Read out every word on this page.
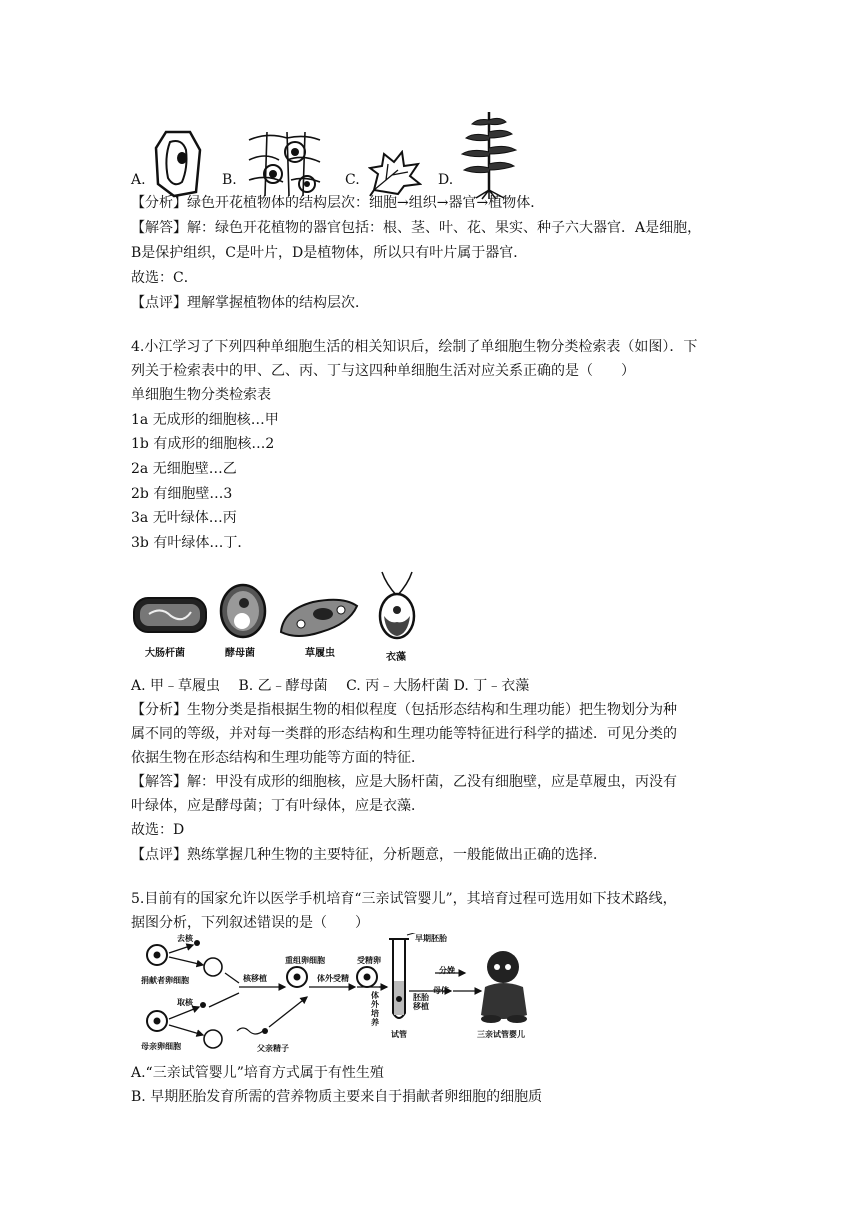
A.	B.	C.	D.
【分析】绿色开花植物体的结构层次：细胞→组织→器官→植物体．
【解答】解：绿色开花植物的器官包括：根、茎、叶、花、果实、种子六大器官．A是细胞，
B是保护组织，C是叶片，D是植物体，所以只有叶片属于器官．
故选：C．
【点评】理解掌握植物体的结构层次．
4.小江学习了下列四种单细胞生活的相关知识后，绘制了单细胞生物分类检索表（如图）．下
列关于检索表中的甲、乙、丙、丁与这四种单细胞生活对应关系正确的是（　　）
单细胞生物分类检索表
1a 无成形的细胞核…甲
1b 有成形的细胞核…2
2a 无细胞壁…乙
2b 有细胞壁…3
3a 无叶绿体…丙
3b 有叶绿体…丁．
大肠杆菌	酵母菌	草履虫	衣藻
A. 甲﹣草履虫　 B. 乙﹣酵母菌　 C. 丙﹣大肠杆菌 D. 丁﹣衣藻
【分析】生物分类是指根据生物的相似程度（包括形态结构和生理功能）把生物划分为种
属不同的等级，并对每一类群的形态结构和生理功能等特征进行科学的描述．可见分类的
依据生物在形态结构和生理功能等方面的特征．
【解答】解：甲没有成形的细胞核，应是大肠杆菌，乙没有细胞壁，应是草履虫，丙没有
叶绿体，应是酵母菌；丁有叶绿体，应是衣藻．
故选：D
【点评】熟练掌握几种生物的主要特征，分析题意，一般能做出正确的选择．
5.目前有的国家允许以医学手机培育“三亲试管婴儿”，其培育过程可选用如下技术路线，
据图分析，下列叙述错误的是（　　）
去核
取核
捐献者卵细胞
母亲卵细胞
核移植
重组卵细胞
体外受精
父亲精子
受精卵
体外培养
早期胚胎
胚胎移植
试管
母体
分娩
三亲试管婴儿
A.“三亲试管婴儿”培育方式属于有性生殖
B. 早期胚胎发育所需的营养物质主要来自于捐献者卵细胞的细胞质
